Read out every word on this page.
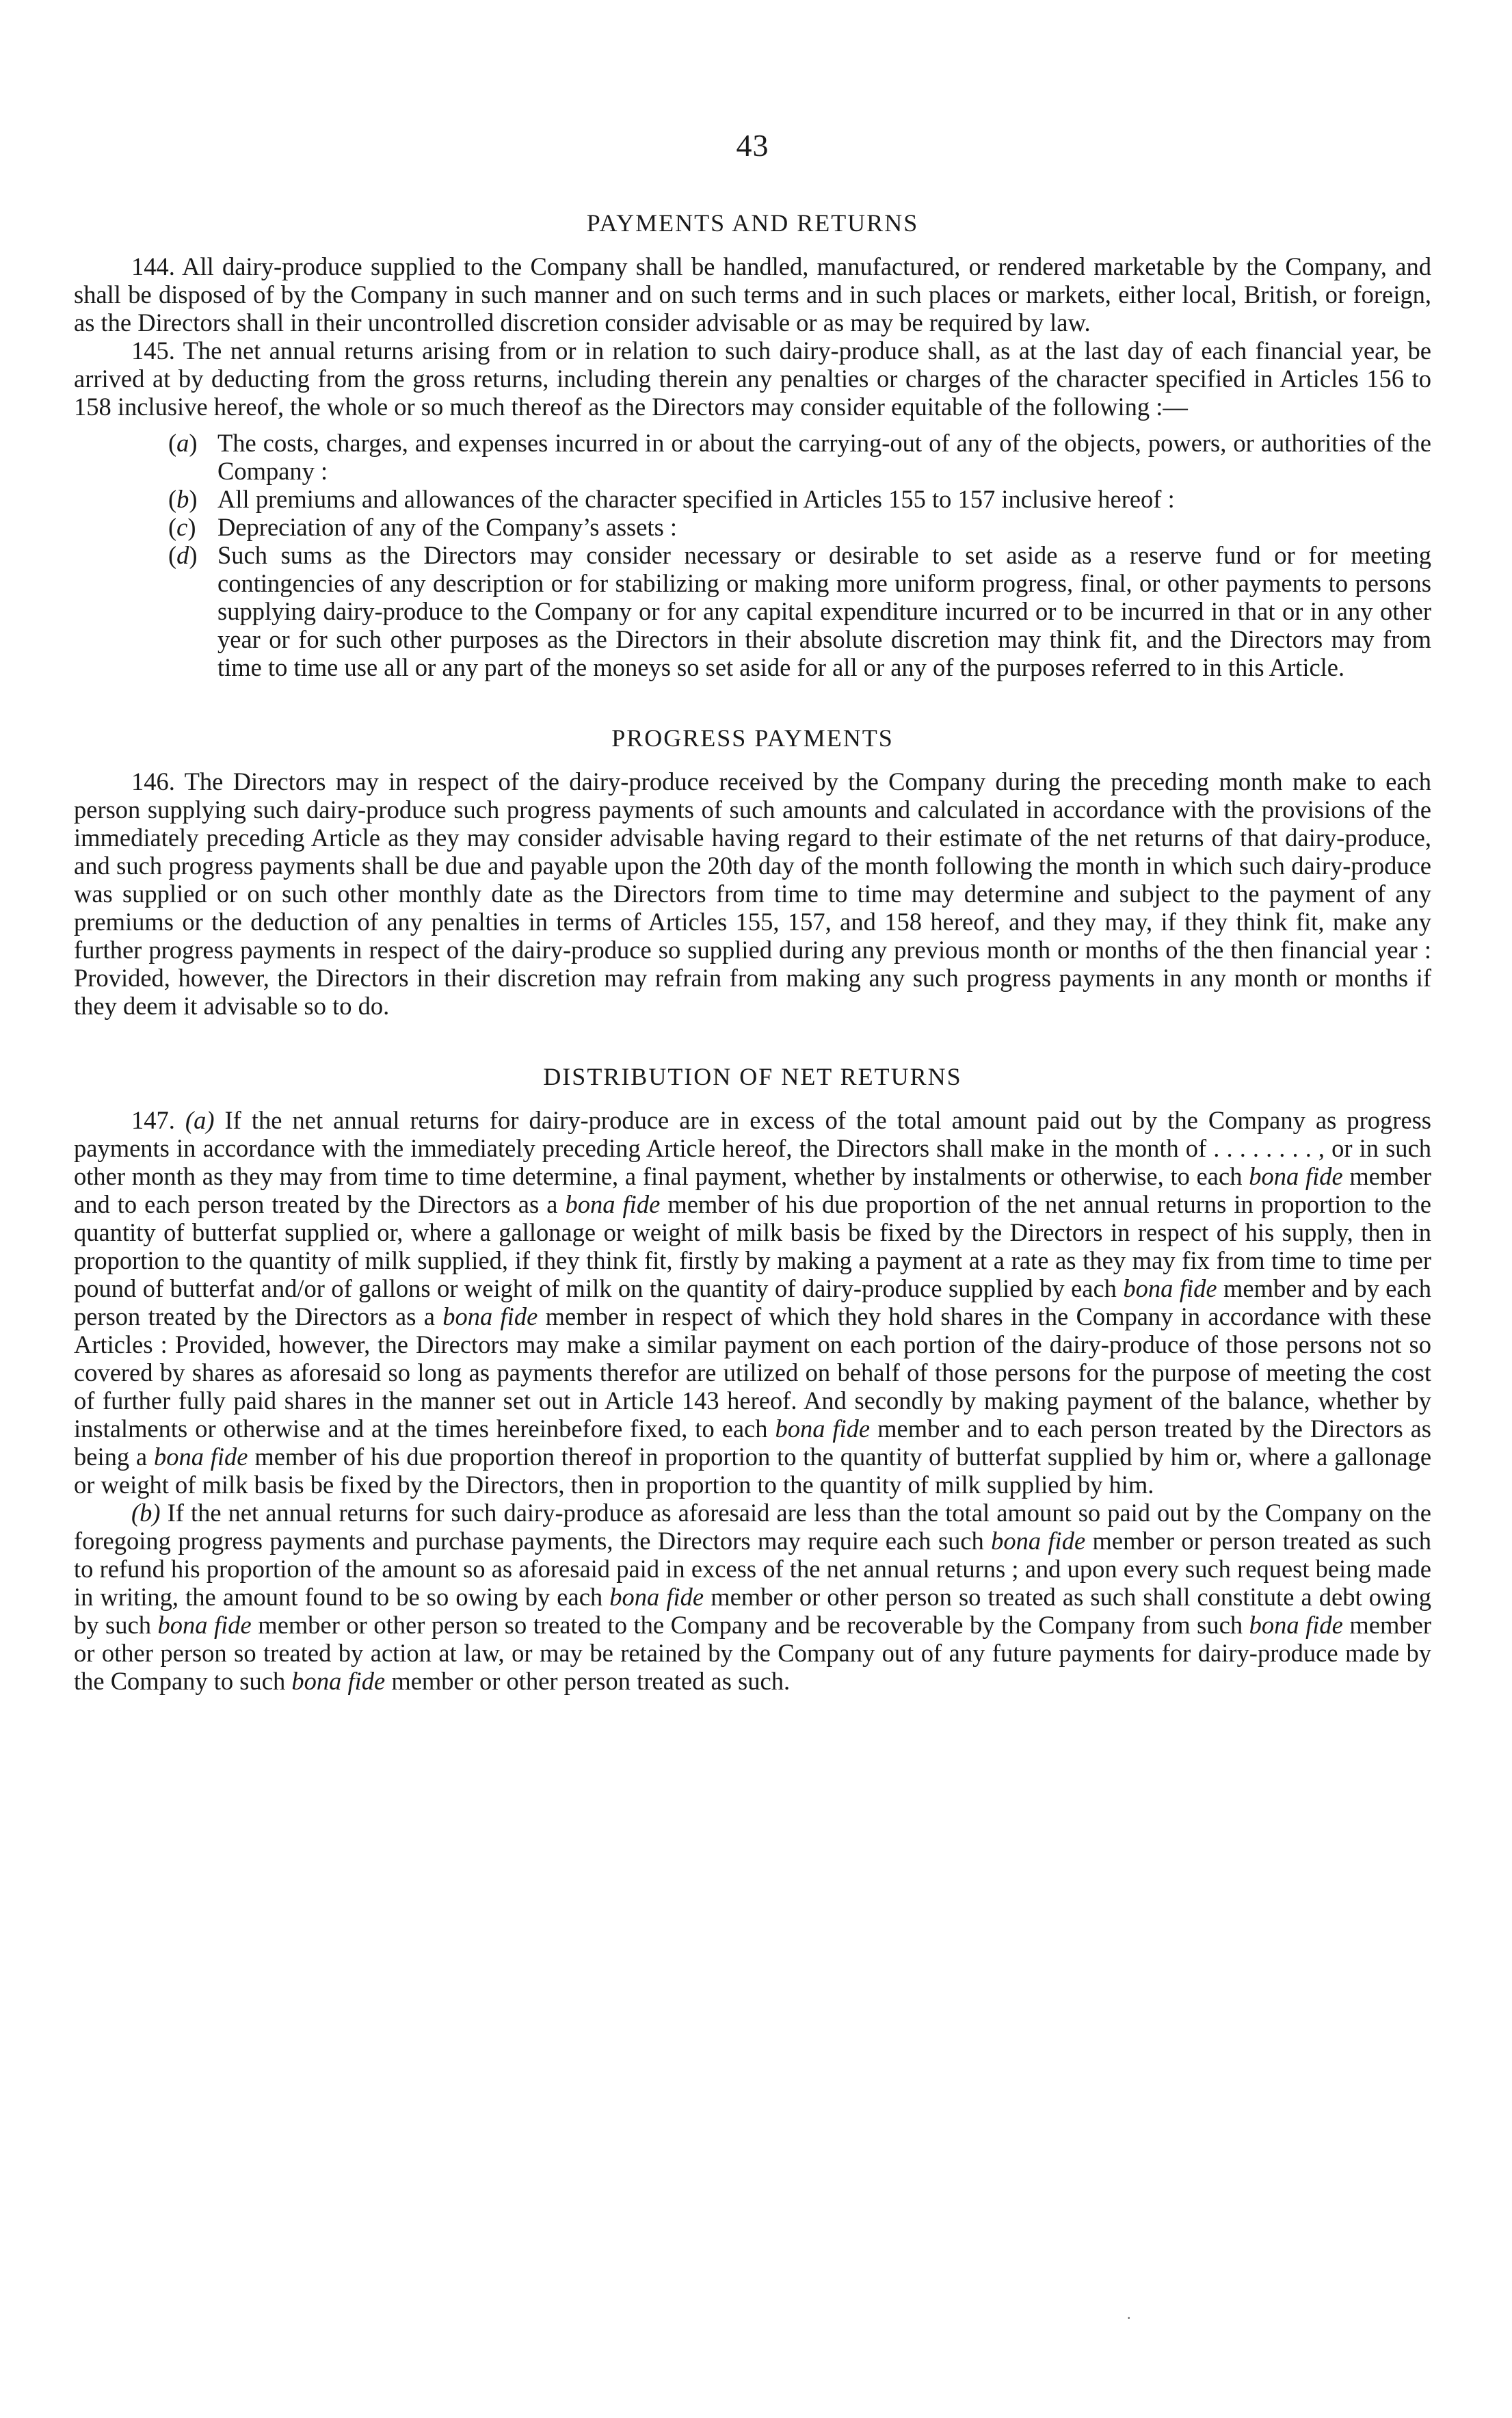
43
PAYMENTS AND RETURNS

144. All dairy-produce supplied to the Company shall be handled, manufactured, or rendered marketable by the Company, and shall be disposed of by the Company in such manner and on such terms and in such places or markets, either local, British, or foreign, as the Directors shall in their uncontrolled discretion consider advisable or as may be required by law.

145. The net annual returns arising from or in relation to such dairy-produce shall, as at the last day of each financial year, be arrived at by deducting from the gross returns, including therein any penalties or charges of the character specified in Articles 156 to 158 inclusive hereof, the whole or so much thereof as the Directors may consider equitable of the following :—

(a) The costs, charges, and expenses incurred in or about the carrying-out of any of the objects, powers, or authorities of the Company :
(b) All premiums and allowances of the character specified in Articles 155 to 157 inclusive hereof :
(c) Depreciation of any of the Company’s assets :
(d) Such sums as the Directors may consider necessary or desirable to set aside as a reserve fund or for meeting contingencies of any description or for stabilizing or making more uniform progress, final, or other payments to persons supplying dairy-produce to the Company or for any capital expenditure incurred or to be incurred in that or in any other year or for such other purposes as the Directors in their absolute discretion may think fit, and the Directors may from time to time use all or any part of the moneys so set aside for all or any of the purposes referred to in this Article.
PROGRESS PAYMENTS

146. The Directors may in respect of the dairy-produce received by the Company during the preceding month make to each person supplying such dairy-produce such progress payments of such amounts and calculated in accordance with the provisions of the immediately preceding Article as they may consider advisable having regard to their estimate of the net returns of that dairy-produce, and such progress payments shall be due and payable upon the 20th day of the month following the month in which such dairy-produce was supplied or on such other monthly date as the Directors from time to time may determine and subject to the payment of any premiums or the deduction of any penalties in terms of Articles 155, 157, and 158 hereof, and they may, if they think fit, make any further progress payments in respect of the dairy-produce so supplied during any previous month or months of the then financial year : Provided, however, the Directors in their discretion may refrain from making any such progress payments in any month or months if they deem it advisable so to do.

DISTRIBUTION OF NET RETURNS

147. (a) If the net annual returns for dairy-produce are in excess of the total amount paid out by the Company as progress payments in accordance with the immediately preceding Article hereof, the Directors shall make in the month of . . . . . . . . , or in such other month as they may from time to time determine, a final payment, whether by instalments or otherwise, to each bona fide member and to each person treated by the Directors as a bona fide member of his due proportion of the net annual returns in proportion to the quantity of butterfat supplied or, where a gallonage or weight of milk basis be fixed by the Directors in respect of his supply, then in proportion to the quantity of milk supplied, if they think fit, firstly by making a payment at a rate as they may fix from time to time per pound of butterfat and/or of gallons or weight of milk on the quantity of dairy-produce supplied by each bona fide member and by each person treated by the Directors as a bona fide member in respect of which they hold shares in the Company in accordance with these Articles : Provided, however, the Directors may make a similar payment on each portion of the dairy-produce of those persons not so covered by shares as aforesaid so long as payments therefor are utilized on behalf of those persons for the purpose of meeting the cost of further fully paid shares in the manner set out in Article 143 hereof. And secondly by making payment of the balance, whether by instalments or otherwise and at the times hereinbefore fixed, to each bona fide member and to each person treated by the Directors as being a bona fide member of his due proportion thereof in proportion to the quantity of butterfat supplied by him or, where a gallonage or weight of milk basis be fixed by the Directors, then in proportion to the quantity of milk supplied by him.

(b) If the net annual returns for such dairy-produce as aforesaid are less than the total amount so paid out by the Company on the foregoing progress payments and purchase payments, the Directors may require each such bona fide member or person treated as such to refund his proportion of the amount so as aforesaid paid in excess of the net annual returns ; and upon every such request being made in writing, the amount found to be so owing by each bona fide member or other person so treated as such shall constitute a debt owing by such bona fide member or other person so treated to the Company and be recoverable by the Company from such bona fide member or other person so treated by action at law, or may be retained by the Company out of any future payments for dairy-produce made by the Company to such bona fide member or other person treated as such.

.
